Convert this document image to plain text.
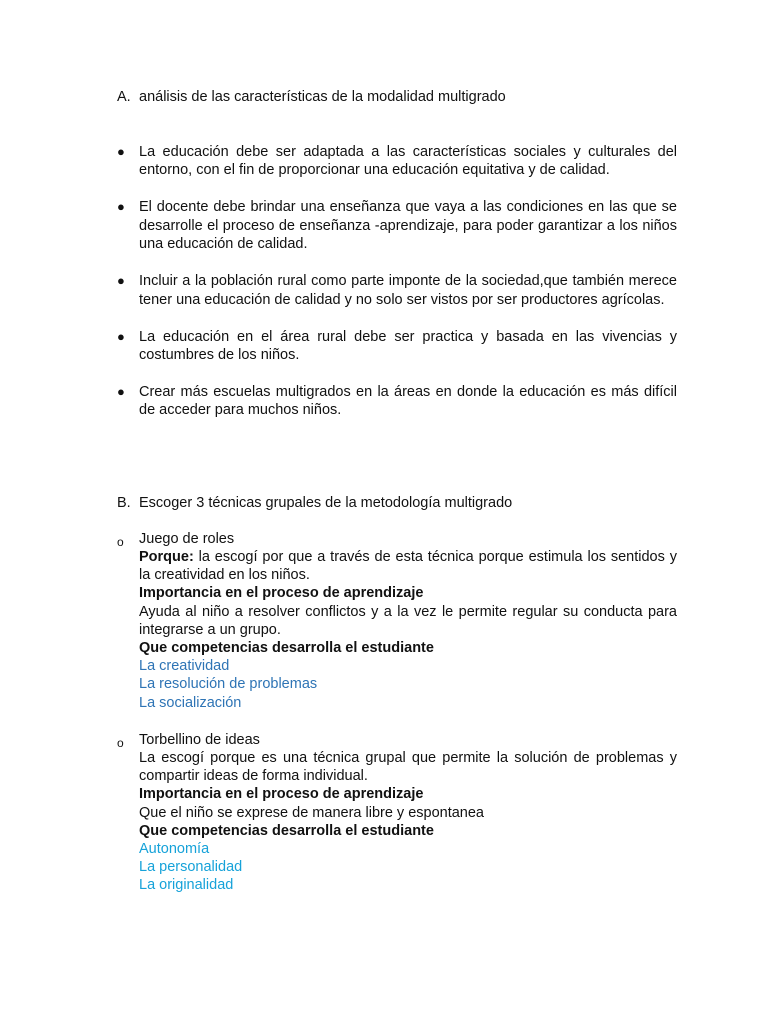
A. análisis de las características de la modalidad multigrado
● La educación debe ser adaptada a las características sociales y culturales del entorno, con el fin de proporcionar una educación equitativa y de calidad.
● El docente debe brindar una enseñanza que vaya a las condiciones en las que se desarrolle el proceso de enseñanza -aprendizaje, para poder garantizar a los niños una educación de calidad.
● Incluir a la población rural como parte imponte de la sociedad,que también merece tener una educación de calidad y no solo ser vistos por ser productores agrícolas.
● La educación en el área rural debe ser practica y basada en las vivencias y costumbres de los niños.
● Crear más escuelas multigrados en la áreas en donde la educación es más difícil de acceder para muchos niños.
B. Escoger 3 técnicas grupales de la metodología multigrado
o Juego de roles
Porque: la escogí por que a través de esta técnica porque estimula los sentidos y la creatividad en los niños.
Importancia en el proceso de aprendizaje
Ayuda al niño a resolver conflictos y a la vez le permite regular su conducta para integrarse a un grupo.
Que competencias desarrolla el estudiante
La creatividad
La resolución de problemas
La socialización
o Torbellino de ideas
La escogí porque es una técnica grupal que permite la solución de problemas y compartir ideas de forma individual.
Importancia en el proceso de aprendizaje
Que el niño se exprese de manera libre y espontanea
Que competencias desarrolla el estudiante
Autonomía
La personalidad
La originalidad
